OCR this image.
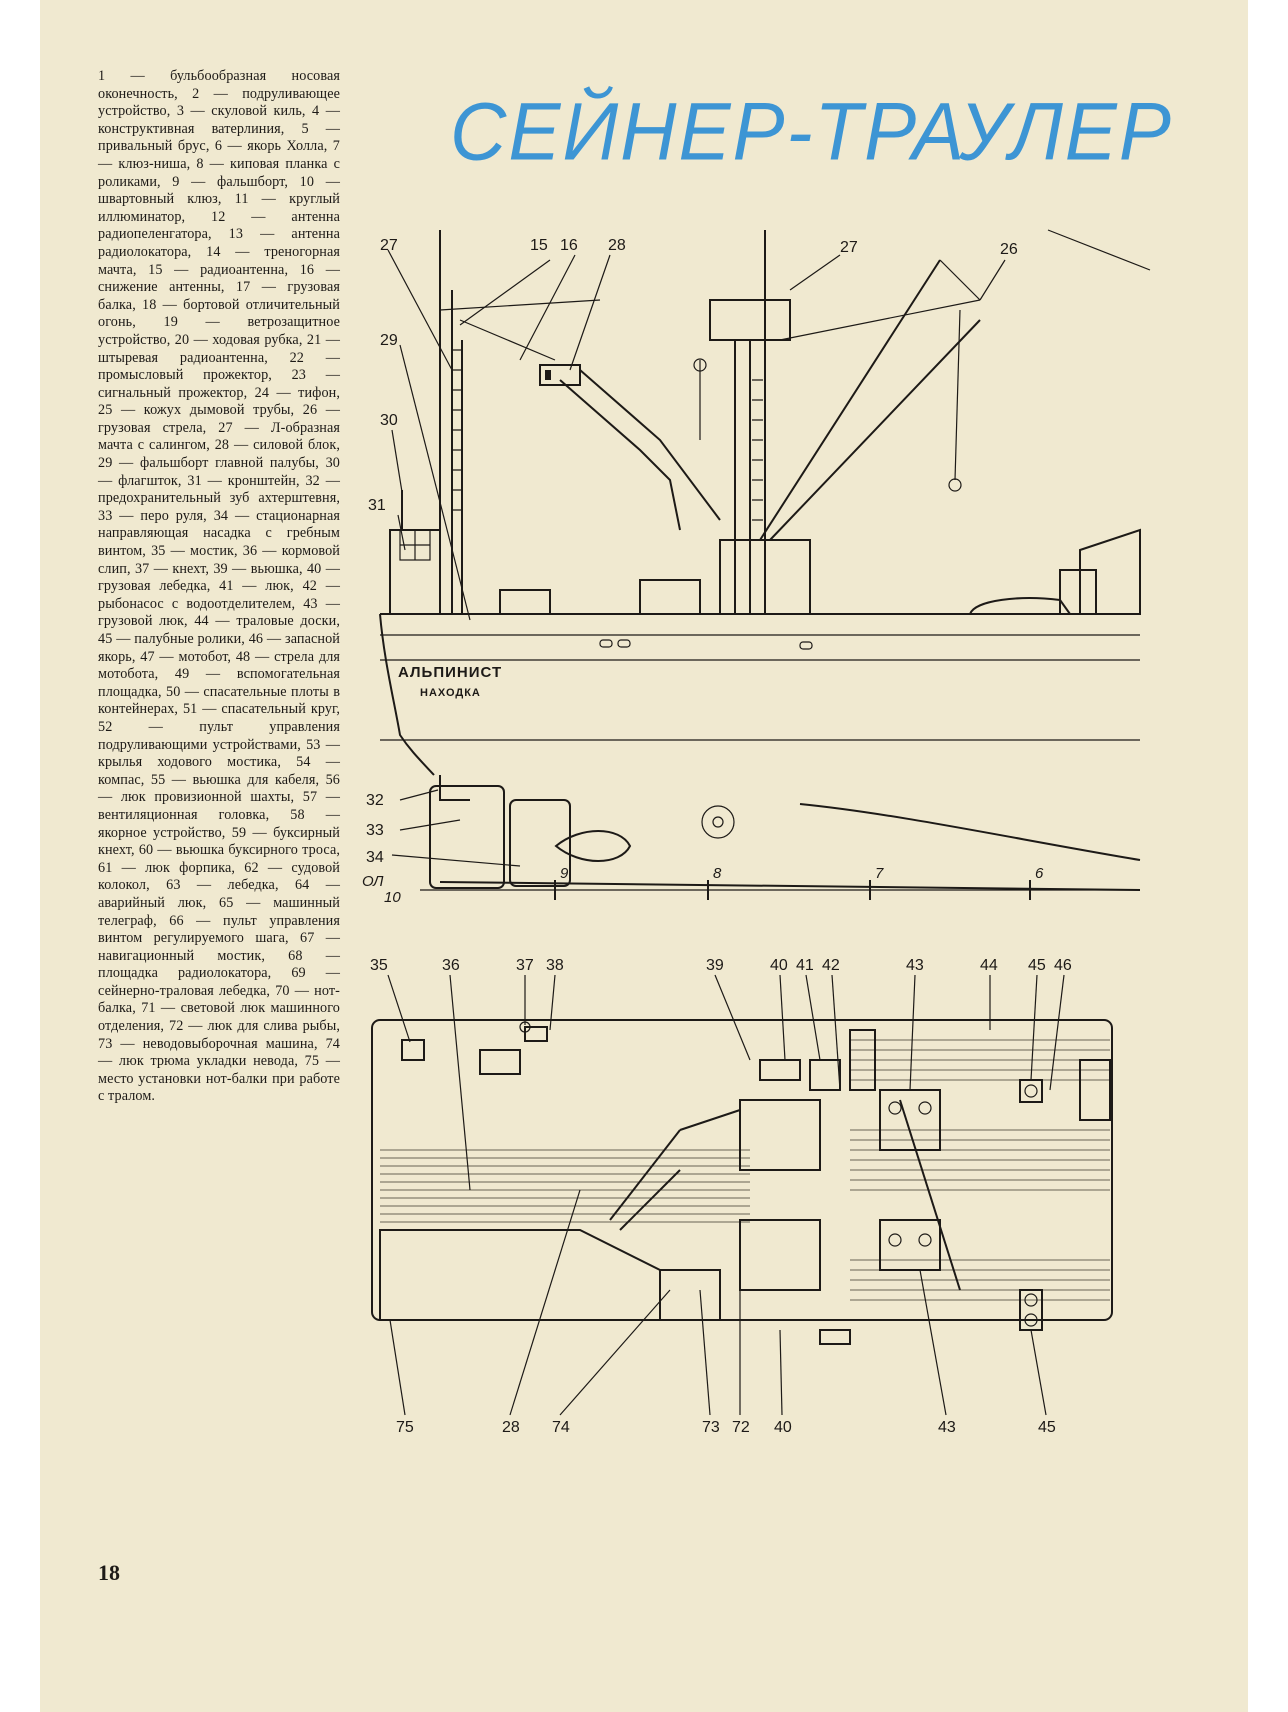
1 — бульбообразная носовая оконечность, 2 — подруливающее устройство, 3 — скуловой киль, 4 — конструктивная ватерлиния, 5 — привальный брус, 6 — якорь Холла, 7 — клюз-ниша, 8 — киповая планка с роликами, 9 — фальшборт, 10 — швартовный клюз, 11 — круглый иллюминатор, 12 — антенна радиопеленгатора, 13 — антенна радиолокатора, 14 — треногорная мачта, 15 — радиоантенна, 16 — снижение антенны, 17 — грузовая балка, 18 — бортовой отличительный огонь, 19 — ветрозащитное устройство, 20 — ходовая рубка, 21 — штыревая радиоантенна, 22 — промысловый прожектор, 23 — сигнальный прожектор, 24 — тифон, 25 — кожух дымовой трубы, 26 — грузовая стрела, 27 — Л-образная мачта с салингом, 28 — силовой блок, 29 — фальшборт главной палубы, 30 — флагшток, 31 — кронштейн, 32 — предохранительный зуб ахтерштевня, 33 — перо руля, 34 — стационарная направляющая насадка с гребным винтом, 35 — мостик, 36 — кормовой слип, 37 — кнехт, 39 — вьюшка, 40 — грузовая лебедка, 41 — люк, 42 — рыбонасос с водоотделителем, 43 — грузовой люк, 44 — траловые доски, 45 — палубные ролики, 46 — запасной якорь, 47 — мотобот, 48 — стрела для мотобота, 49 — вспомогательная площадка, 50 — спасательные плоты в контейнерах, 51 — спасательный круг, 52 — пульт управления подруливающими устройствами, 53 — крылья ходового мостика, 54 — компас, 55 — вьюшка для кабеля, 56 — люк провизионной шахты, 57 — вентиляционная головка, 58 — якорное устройство, 59 — буксирный кнехт, 60 — вьюшка буксирного троса, 61 — люк форпика, 62 — судовой колокол, 63 — лебедка, 64 — аварийный люк, 65 — машинный телеграф, 66 — пульт управления винтом регулируемого шага, 67 — навигационный мостик, 68 — площадка радиолокатора, 69 — сейнерно-траловая лебедка, 70 — нот-балка, 71 — световой люк машинного отделения, 72 — люк для слива рыбы, 73 — неводовыборочная машина, 74 — люк трюма укладки невода, 75 — место установки нот-балки при работе с тралом.
СЕЙНЕР-ТРАУЛЕР
18
27	15 16 28	27	26
29
30
31
32
33
34
ОЛ
10
9	8	7	6
АЛЬПИНИСТ
НАХОДКА
35	36	37 38	39	40 41 42	43	44 45 46
75	28 74	73 72 40	43	45
